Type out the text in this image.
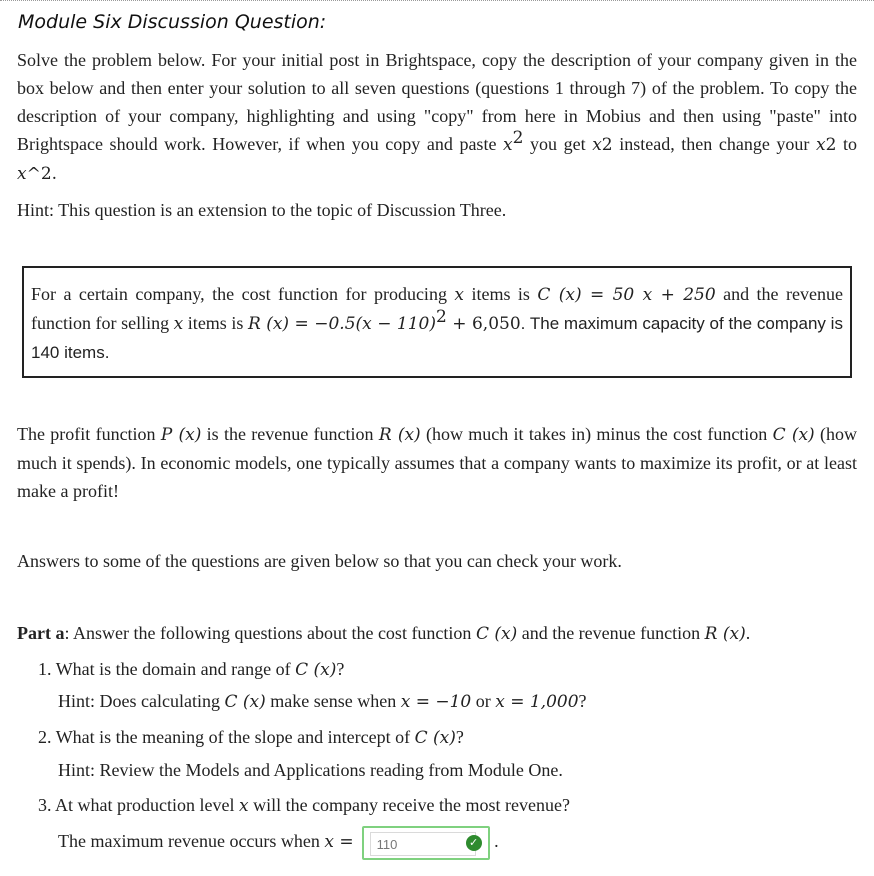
Module Six Discussion Question:
Solve the problem below. For your initial post in Brightspace, copy the description of your company given in the box below and then enter your solution to all seven questions (questions 1 through 7) of the problem. To copy the description of your company, highlighting and using "copy" from here in Mobius and then using "paste" into Brightspace should work. However, if when you copy and paste $x^2$ you get x2 instead, then change your x2 to x^2.
Hint: This question is an extension to the topic of Discussion Three.
For a certain company, the cost function for producing x items is C (x) = 50 x + 250 and the revenue function for selling x items is R $(x) = -0.5(x - 110)^2 + 6,050$. The maximum capacity of the company is 140 items.
The profit function P (x) is the revenue function R (x) (how much it takes in) minus the cost function C (x) (how much it spends). In economic models, one typically assumes that a company wants to maximize its profit, or at least make a profit!
Answers to some of the questions are given below so that you can check your work.
Part a: Answer the following questions about the cost function C (x) and the revenue function R (x).
1. What is the domain and range of C (x)?
Hint: Does calculating C (x) make sense when x = −10 or x = 1,000?
2. What is the meaning of the slope and intercept of C (x)?
Hint: Review the Models and Applications reading from Module One.
3. At what production level x will the company receive the most revenue?
The maximum revenue occurs when x =
110	✓ .
